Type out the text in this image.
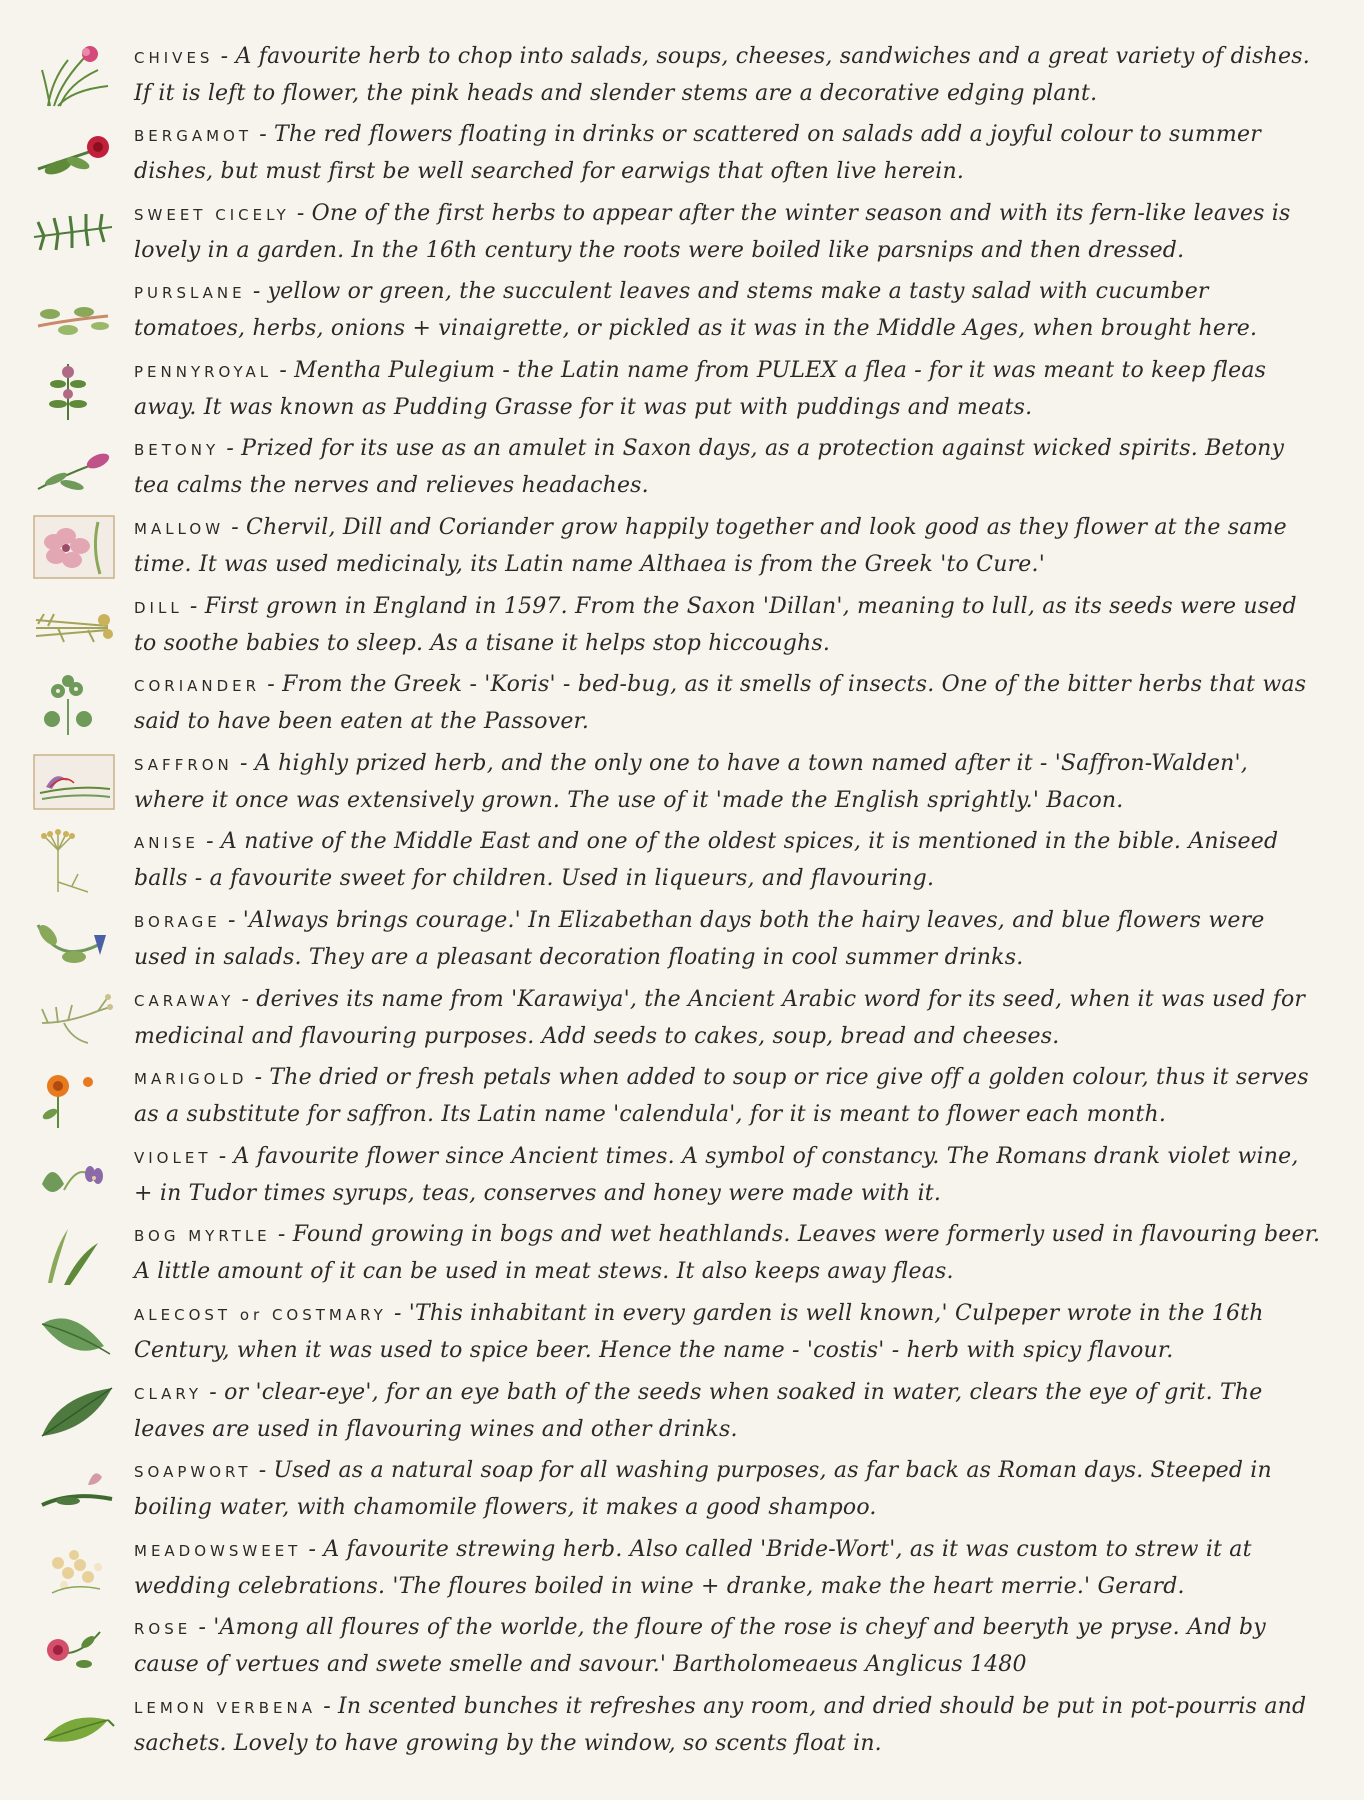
CHIVES - A favourite herb to chop into salads, soups, cheeses, sandwiches and a great variety of dishes. If it is left to flower, the pink heads and slender stems are a decorative edging plant.
BERGAMOT - The red flowers floating in drinks or scattered on salads add a joyful colour to summer dishes, but must first be well searched for earwigs that often live herein.
SWEET CICELY - One of the first herbs to appear after the winter season and with its fern-like leaves is lovely in a garden. In the 16th century the roots were boiled like parsnips and then dressed.
PURSLANE - yellow or green, the succulent leaves and stems make a tasty salad with cucumber tomatoes, herbs, onions + vinaigrette, or pickled as it was in the Middle Ages, when brought here.
PENNYROYAL - Mentha Pulegium - the Latin name from PULEX a flea - for it was meant to keep fleas away. It was known as Pudding Grasse for it was put with puddings and meats.
BETONY - Prized for its use as an amulet in Saxon days, as a protection against wicked spirits. Betony tea calms the nerves and relieves headaches.
MALLOW - Chervil, Dill and Coriander grow happily together and look good as they flower at the same time. It was used medicinaly, its Latin name Althaea is from the Greek 'to Cure.'
DILL - First grown in England in 1597. From the Saxon 'Dillan', meaning to lull, as its seeds were used to soothe babies to sleep. As a tisane it helps stop hiccoughs.
CORIANDER - From the Greek - 'Koris' - bed-bug, as it smells of insects. One of the bitter herbs that was said to have been eaten at the Passover.
SAFFRON - A highly prized herb, and the only one to have a town named after it - 'Saffron-Walden', where it once was extensively grown. The use of it 'made the English sprightly.' Bacon.
ANISE - A native of the Middle East and one of the oldest spices, it is mentioned in the bible. Aniseed balls - a favourite sweet for children. Used in liqueurs, and flavouring.
BORAGE - 'Always brings courage.' In Elizabethan days both the hairy leaves, and blue flowers were used in salads. They are a pleasant decoration floating in cool summer drinks.
CARAWAY - derives its name from 'Karawiya', the Ancient Arabic word for its seed, when it was used for medicinal and flavouring purposes. Add seeds to cakes, soup, bread and cheeses.
MARIGOLD - The dried or fresh petals when added to soup or rice give off a golden colour, thus it serves as a substitute for saffron. Its Latin name 'calendula', for it is meant to flower each month.
VIOLET - A favourite flower since Ancient times. A symbol of constancy. The Romans drank violet wine, + in Tudor times syrups, teas, conserves and honey were made with it.
BOG MYRTLE - Found growing in bogs and wet heathlands. Leaves were formerly used in flavouring beer. A little amount of it can be used in meat stews. It also keeps away fleas.
ALECOST or COSTMARY - 'This inhabitant in every garden is well known,' Culpeper wrote in the 16th Century, when it was used to spice beer. Hence the name - 'costis' - herb with spicy flavour.
CLARY - or 'clear-eye', for an eye bath of the seeds when soaked in water, clears the eye of grit. The leaves are used in flavouring wines and other drinks.
SOAPWORT - Used as a natural soap for all washing purposes, as far back as Roman days. Steeped in boiling water, with chamomile flowers, it makes a good shampoo.
MEADOWSWEET - A favourite strewing herb. Also called 'Bride-Wort', as it was custom to strew it at wedding celebrations. 'The floures boiled in wine + dranke, make the heart merrie.' Gerard.
ROSE - 'Among all floures of the worlde, the floure of the rose is cheyf and beeryth ye pryse. And by cause of vertues and swete smelle and savour.' Bartholomeaeus Anglicus 1480
LEMON VERBENA - In scented bunches it refreshes any room, and dried should be put in pot-pourris and sachets. Lovely to have growing by the window, so scents float in.
